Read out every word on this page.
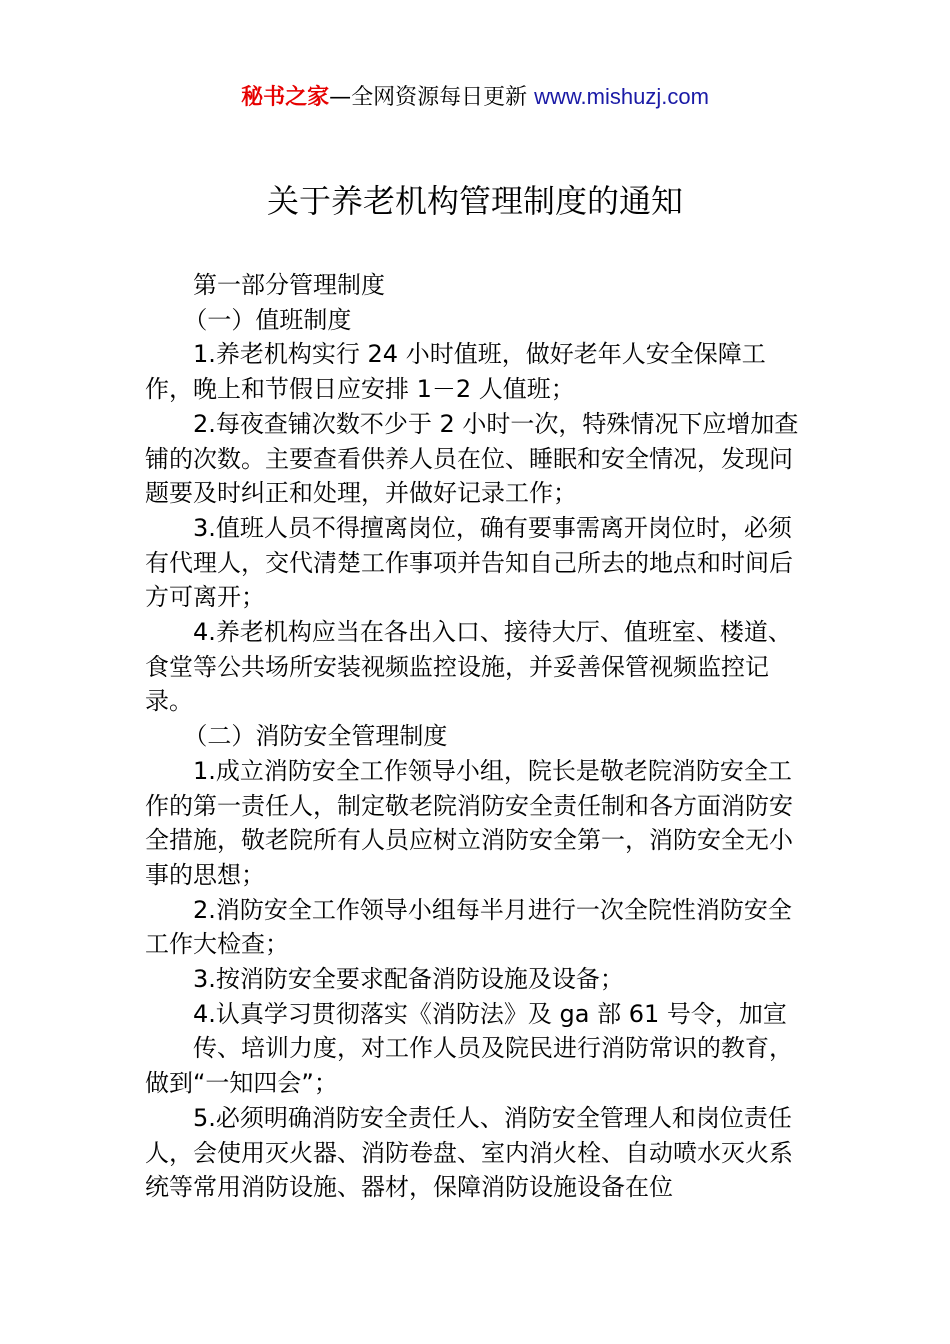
秘书之家—全网资源每日更新 www.mishuzj.com
关于养老机构管理制度的通知

第一部分管理制度

（一）值班制度

1.养老机构实行 24 小时值班，做好老年人安全保障工作，晚上和节假日应安排 1－2 人值班；

2.每夜查铺次数不少于 2 小时一次，特殊情况下应增加查铺的次数。主要查看供养人员在位、睡眠和安全情况，发现问题要及时纠正和处理，并做好记录工作；

3.值班人员不得擅离岗位，确有要事需离开岗位时，必须有代理人，交代清楚工作事项并告知自己所去的地点和时间后方可离开；

4.养老机构应当在各出入口、接待大厅、值班室、楼道、食堂等公共场所安装视频监控设施，并妥善保管视频监控记录。

（二）消防安全管理制度

1.成立消防安全工作领导小组，院长是敬老院消防安全工作的第一责任人，制定敬老院消防安全责任制和各方面消防安全措施，敬老院所有人员应树立消防安全第一，消防安全无小事的思想；

2.消防安全工作领导小组每半月进行一次全院性消防安全工作大检查；

3.按消防安全要求配备消防设施及设备；

4.认真学习贯彻落实《消防法》及 ga 部 61 号令，加宣

传、培训力度，对工作人员及院民进行消防常识的教育，做到“一知四会”；

5.必须明确消防安全责任人、消防安全管理人和岗位责任人，会使用灭火器、消防卷盘、室内消火栓、自动喷水灭火系统等常用消防设施、器材，保障消防设施设备在位
